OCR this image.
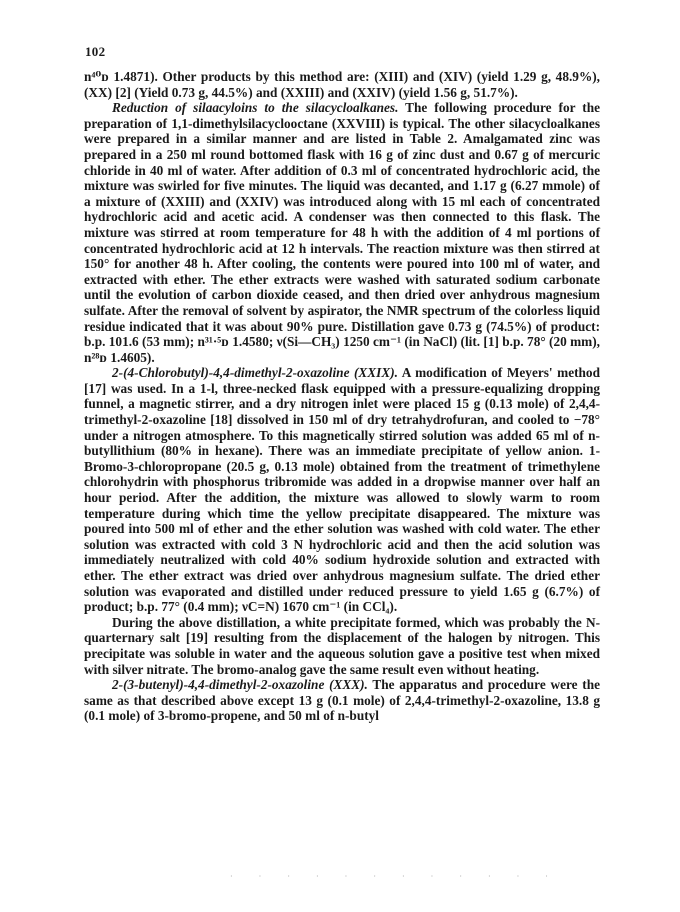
102

n⁴⁰ᴅ 1.4871). Other products by this method are: (XIII) and (XIV) (yield 1.29 g, 48.9%), (XX) [2] (Yield 0.73 g, 44.5%) and (XXIII) and (XXIV) (yield 1.56 g, 51.7%).

Reduction of silaacyloins to the silacycloalkanes. The following procedure for the preparation of 1,1-dimethylsilacyclooctane (XXVIII) is typical. The other silacycloalkanes were prepared in a similar manner and are listed in Table 2. Amalgamated zinc was prepared in a 250 ml round bottomed flask with 16 g of zinc dust and 0.67 g of mercuric chloride in 40 ml of water. After addition of 0.3 ml of concentrated hydrochloric acid, the mixture was swirled for five minutes. The liquid was decanted, and 1.17 g (6.27 mmole) of a mixture of (XXIII) and (XXIV) was introduced along with 15 ml each of concentrated hydrochloric acid and acetic acid. A condenser was then connected to this flask. The mixture was stirred at room temperature for 48 h with the addition of 4 ml portions of concentrated hydrochloric acid at 12 h intervals. The reaction mixture was then stirred at 150° for another 48 h. After cooling, the contents were poured into 100 ml of water, and extracted with ether. The ether extracts were washed with saturated sodium carbonate until the evolution of carbon dioxide ceased, and then dried over anhydrous magnesium sulfate. After the removal of solvent by aspirator, the NMR spectrum of the colorless liquid residue indicated that it was about 90% pure. Distillation gave 0.73 g (74.5%) of product: b.p. 101.6 (53 mm); n³¹·⁵ᴅ 1.4580; ν(Si—CH₃) 1250 cm⁻¹ (in NaCl) (lit. [1] b.p. 78° (20 mm), n²⁸ᴅ 1.4605).

2-(4-Chlorobutyl)-4,4-dimethyl-2-oxazoline (XXIX). A modification of Meyers' method [17] was used. In a 1-l, three-necked flask equipped with a pressure-equalizing dropping funnel, a magnetic stirrer, and a dry nitrogen inlet were placed 15 g (0.13 mole) of 2,4,4-trimethyl-2-oxazoline [18] dissolved in 150 ml of dry tetrahydrofuran, and cooled to −78° under a nitrogen atmosphere. To this magnetically stirred solution was added 65 ml of n-butyllithium (80% in hexane). There was an immediate precipitate of yellow anion. 1-Bromo-3-chloropropane (20.5 g, 0.13 mole) obtained from the treatment of trimethylene chlorohydrin with phosphorus tribromide was added in a dropwise manner over half an hour period. After the addition, the mixture was allowed to slowly warm to room temperature during which time the yellow precipitate disappeared. The mixture was poured into 500 ml of ether and the ether solution was washed with cold water. The ether solution was extracted with cold 3 N hydrochloric acid and then the acid solution was immediately neutralized with cold 40% sodium hydroxide solution and extracted with ether. The ether extract was dried over anhydrous magnesium sulfate. The dried ether solution was evaporated and distilled under reduced pressure to yield 1.65 g (6.7%) of product; b.p. 77° (0.4 mm); νC=N) 1670 cm⁻¹ (in CCl₄).

During the above distillation, a white precipitate formed, which was probably the N-quarternary salt [19] resulting from the displacement of the halogen by nitrogen. This precipitate was soluble in water and the aqueous solution gave a positive test when mixed with silver nitrate. The bromo-analog gave the same result even without heating.

2-(3-butenyl)-4,4-dimethyl-2-oxazoline (XXX). The apparatus and procedure were the same as that described above except 13 g (0.1 mole) of 2,4,4-trimethyl-2-oxazoline, 13.8 g (0.1 mole) of 3-bromo-propene, and 50 ml of n-butyl

· · · · · · · · · · · ·
